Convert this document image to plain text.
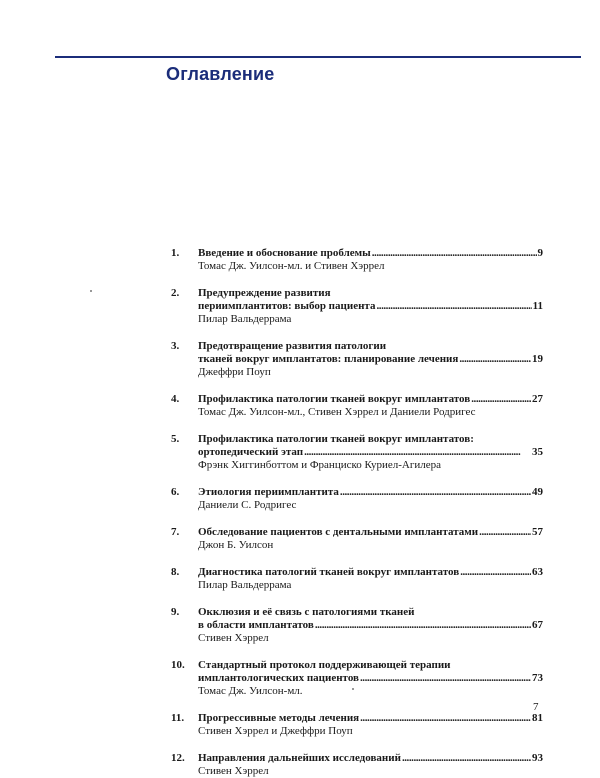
Оглавление
1.	Введение и обоснование проблемы . . .	9
Томас Дж. Уилсон-мл. и Стивен Хэррел
2.	Предупреждение развития
периимплантитов: выбор пациента . . .	11
Пилар Вальдеррама
3.	Предотвращение развития патологии
тканей вокруг имплантатов: планирование лечения . . .	19
Джеффри Поуп
4.	Профилактика патологии тканей вокруг имплантатов . . .	27
Томас Дж. Уилсон-мл., Стивен Хэррел и Даниели Родригес
5.	Профилактика патологии тканей вокруг имплантатов:
ортопедический этап . . .	35
Фрэнк Хиггинботтом и Франциско Куриел-Агилера
6.	Этиология периимплантита . . .	49
Даниели С. Родригес
7.	Обследование пациентов с дентальными имплантатами . . .	57
Джон Б. Уилсон
8.	Диагностика патологий тканей вокруг имплантатов . . .	63
Пилар Вальдеррама
9.	Окклюзия и её связь с патологиями тканей
в области имплантатов . . .	67
Стивен Хэррел
10.	Стандартный протокол поддерживающей терапии
имплантологических пациентов . . .	73
Томас Дж. Уилсон-мл.
11.	Прогрессивные методы лечения . . .	81
Стивен Хэррел и Джеффри Поуп
12.	Направления дальнейших исследований . . .	93
Стивен Хэррел
7
